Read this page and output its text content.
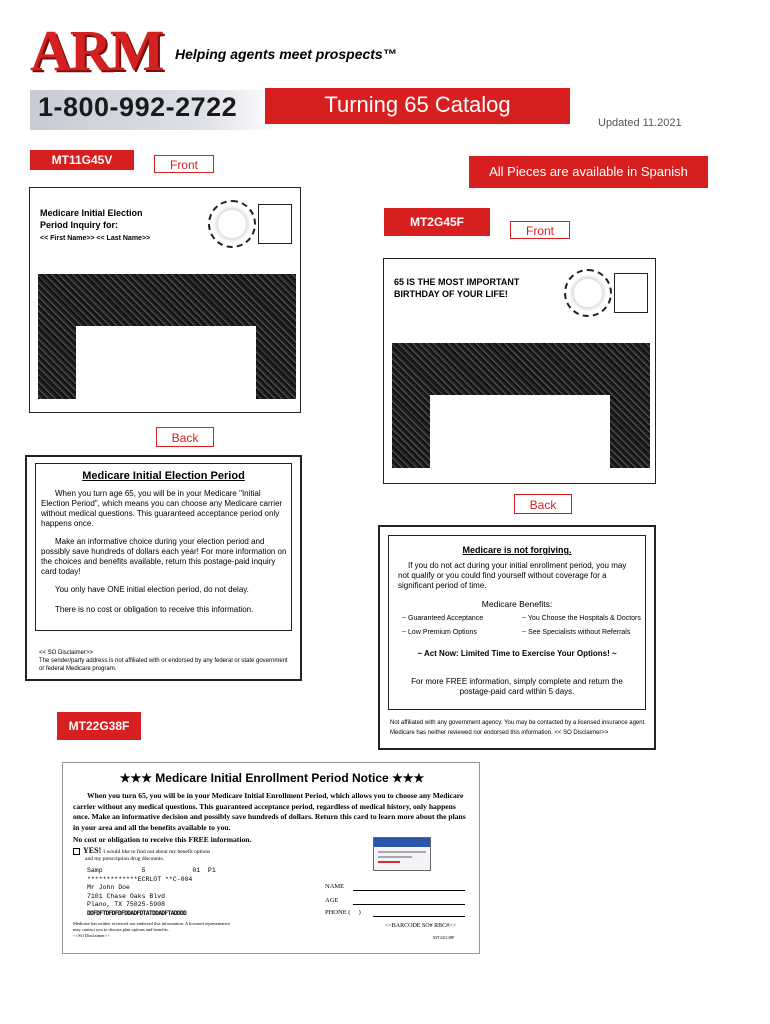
ARM Helping agents meet prospects™
1-800-992-2722	Turning 65 Catalog
Updated 11.2021
MT11G45V	Front	All Pieces are available in Spanish
Medicare Initial Election
Period Inquiry for:
<< First Name>> << Last Name>>
MT2G45F
Front
65 IS THE MOST IMPORTANT
BIRTHDAY OF YOUR LIFE!
Back
Medicare Initial Election Period
When you turn age 65, you will be in your Medicare "Initial Election Period", which means you can choose any Medicare carrier without medical questions. This guaranteed acceptance period only happens once.
Make an informative choice during your election period and possibly save hundreds of dollars each year! For more information on the choices and benefits available, return this postage-paid inquiry card today!
You only have ONE initial election period, do not delay.
There is no cost or obligation to receive this information.
<< SO Disclaimer>>
The sender/party address is not affiliated with or endorsed by any federal or state government or federal Medicare program.
Back
Medicare is not forgiving.
If you do not act during your initial enrollment period, you may not qualify or you could find yourself without coverage for a significant period of time.
Medicare Benefits:
~ Guaranteed Acceptance	~ You Choose the Hospitals & Doctors
~ Low Premium Options	~ See Specialists without Referrals
~ Act Now: Limited Time to Exercise Your Options! ~
For more FREE information, simply complete and return the postage-paid card within 5 days.
Not affiliated with any government agency. You may be contacted by a licensed insurance agent.
Medicare has neither reviewed nor endorsed this information. << SO Disclaimer>>
MT22G38F
★★★ Medicare Initial Enrollment Period Notice ★★★
When you turn 65, you will be in your Medicare Initial Enrollment Period, which allows you to choose any Medicare carrier without any medical questions. This guaranteed acceptance period, regardless of medical history, only happens once. Make an informative decision and possibly save hundreds of dollars. Return this card to learn more about the plans in your area and all the benefits available to you.
No cost or obligation to receive this FREE information.
YES! I would like to find out about my benefit options
and my prescription drug discounts.
Samp          5            01  P1
*************ECRLOT **C-004
Mr John Doe
7101 Chase Oaks Blvd
Plano, TX 75025-5908
DDFDFTDFDFDFDDADFDTATDDADFTADDDD
NAME
AGE
PHONE (     )
Medicare has neither reviewed nor endorsed this information. A licensed representative
may contact you to discuss plan options and benefits.
<<SO Disclaimer>>
<<BARCODE SO# RBC#>>
MT22G38F
